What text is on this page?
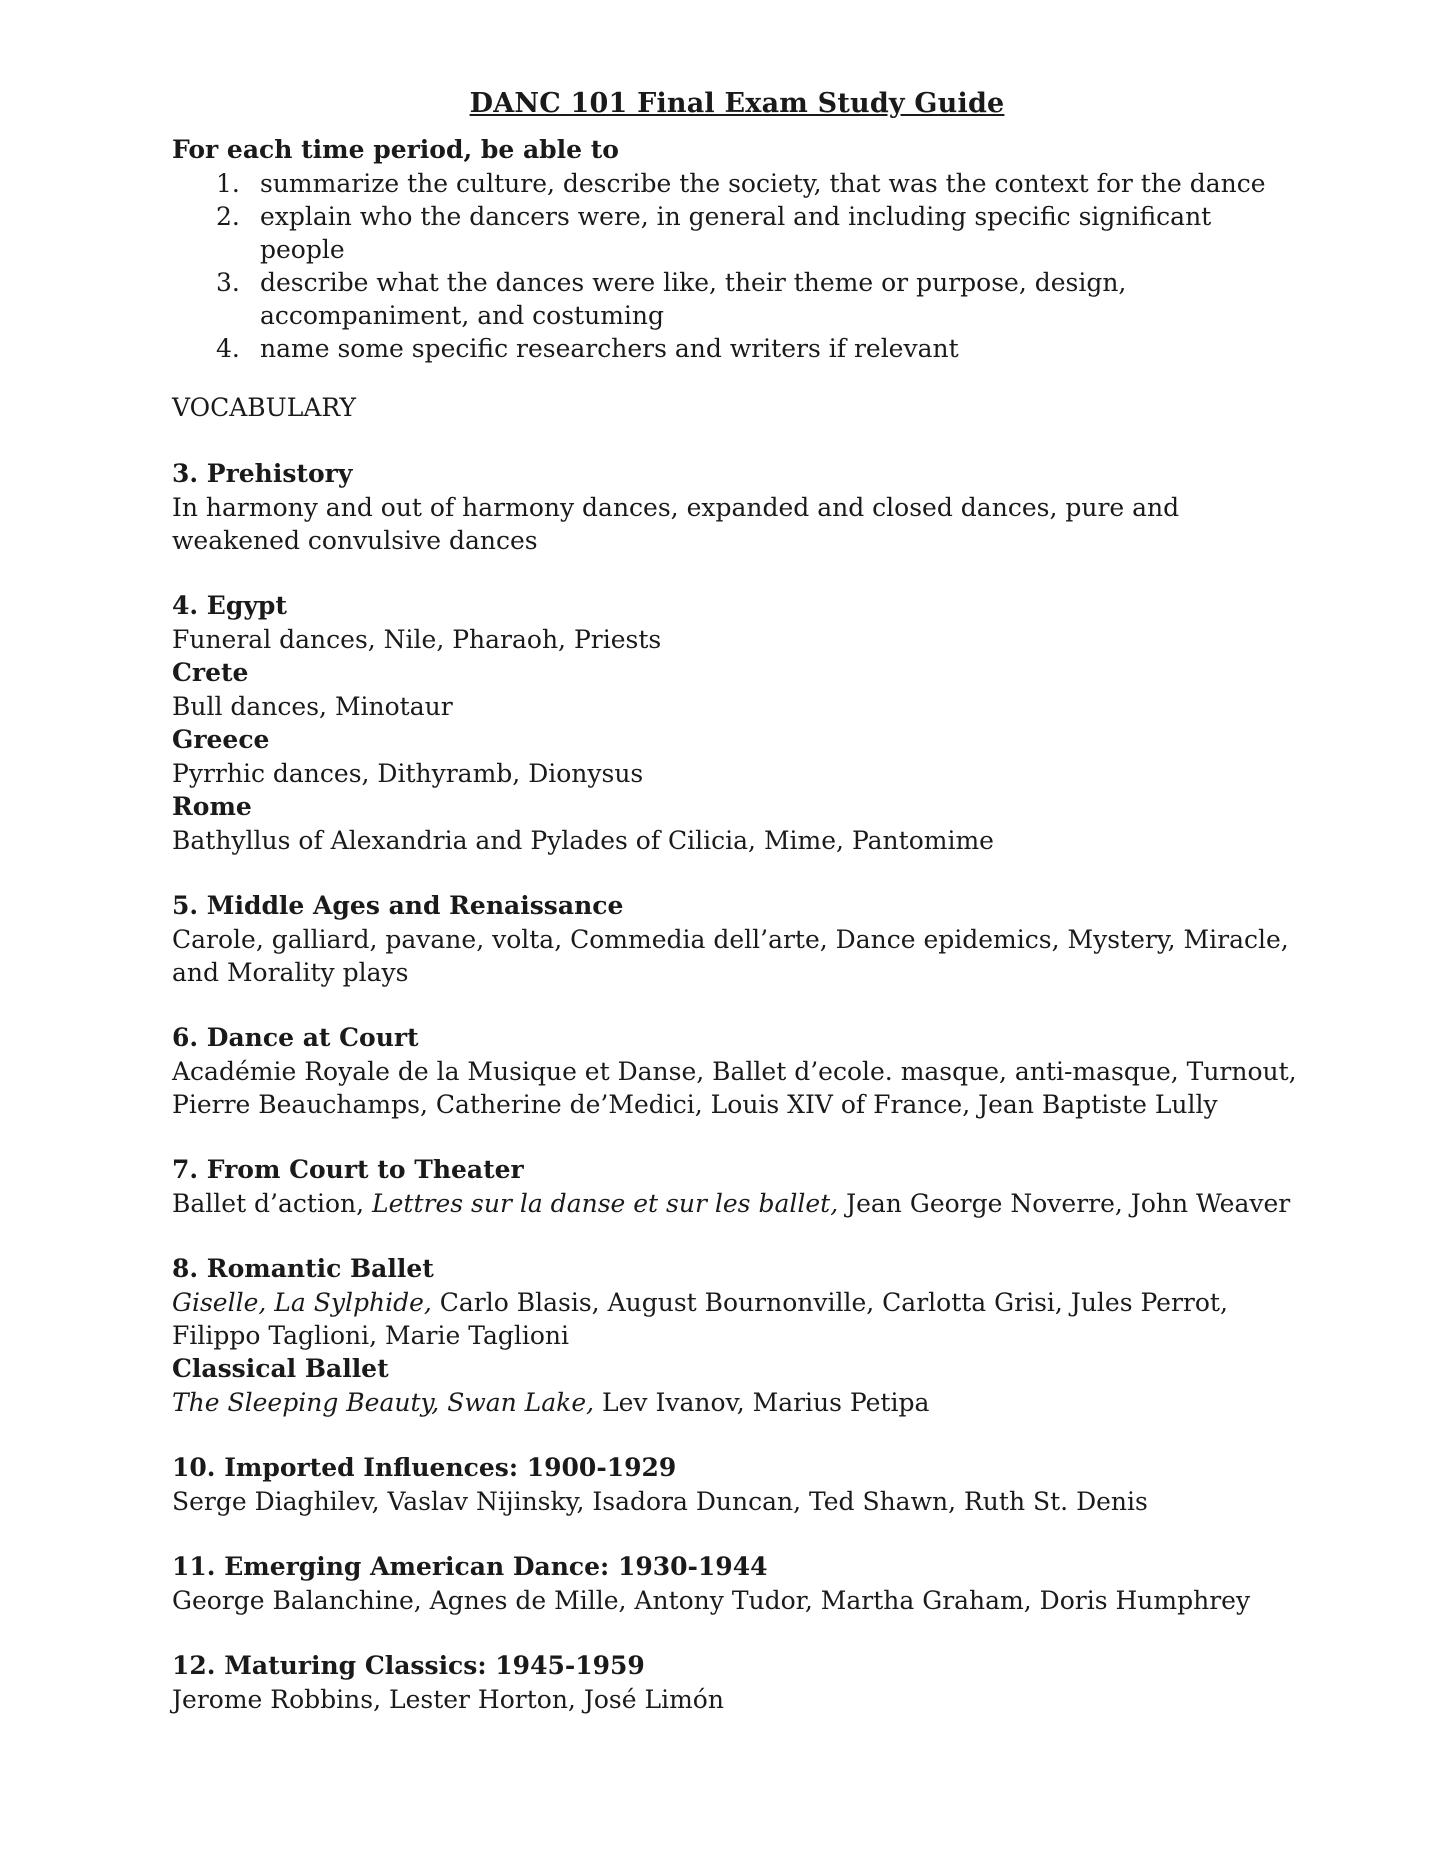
DANC 101 Final Exam Study Guide

For each time period, be able to

1. summarize the culture, describe the society, that was the context for the dance
2. explain who the dancers were, in general and including specific significant people
3. describe what the dances were like, their theme or purpose, design, accompaniment, and costuming
4. name some specific researchers and writers if relevant

VOCABULARY

3. Prehistory

In harmony and out of harmony dances, expanded and closed dances, pure and weakened convulsive dances

4. Egypt

Funeral dances, Nile, Pharaoh, Priests

Crete

Bull dances, Minotaur

Greece

Pyrrhic dances, Dithyramb, Dionysus

Rome

Bathyllus of Alexandria and Pylades of Cilicia, Mime, Pantomime

5. Middle Ages and Renaissance

Carole, galliard, pavane, volta, Commedia dell’arte, Dance epidemics, Mystery, Miracle, and Morality plays

6. Dance at Court

Académie Royale de la Musique et Danse, Ballet d’ecole. masque, anti-masque, Turnout, Pierre Beauchamps, Catherine de’Medici, Louis XIV of France, Jean Baptiste Lully

7. From Court to Theater

Ballet d’action, Lettres sur la danse et sur les ballet, Jean George Noverre, John Weaver

8. Romantic Ballet

Giselle, La Sylphide, Carlo Blasis, August Bournonville, Carlotta Grisi, Jules Perrot, Filippo Taglioni, Marie Taglioni

Classical Ballet

The Sleeping Beauty, Swan Lake, Lev Ivanov, Marius Petipa

10. Imported Influences: 1900-1929

Serge Diaghilev, Vaslav Nijinsky, Isadora Duncan, Ted Shawn, Ruth St. Denis

11. Emerging American Dance: 1930-1944

George Balanchine, Agnes de Mille, Antony Tudor, Martha Graham, Doris Humphrey

12. Maturing Classics: 1945-1959

Jerome Robbins, Lester Horton, José Limón
